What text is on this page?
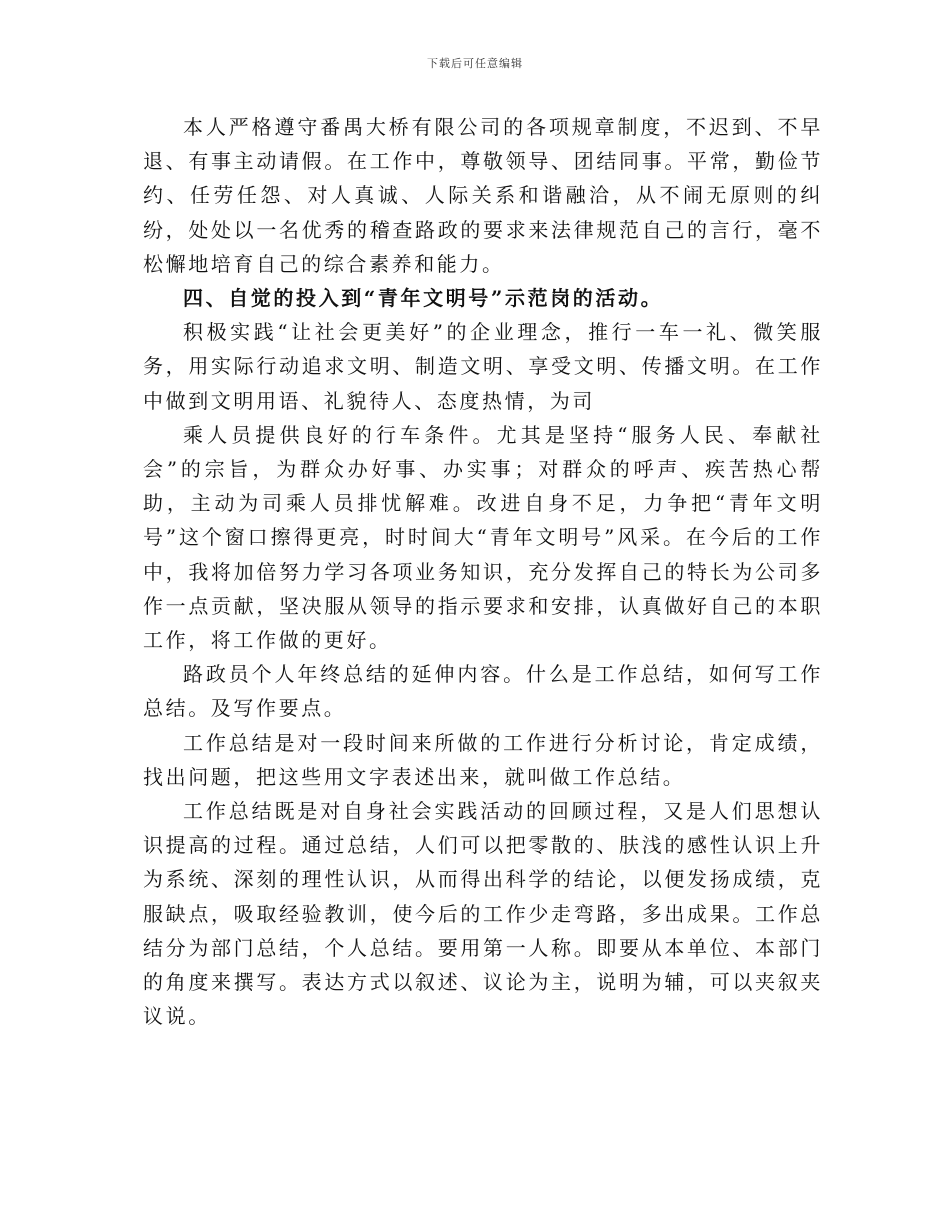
下载后可任意编辑

本人严格遵守番禺大桥有限公司的各项规章制度，不迟到、不早退、有事主动请假。在工作中，尊敬领导、团结同事。平常，勤俭节约、任劳任怨、对人真诚、人际关系和谐融洽，从不闹无原则的纠纷，处处以一名优秀的稽查路政的要求来法律规范自己的言行，毫不松懈地培育自己的综合素养和能力。

四、自觉的投入到“青年文明号”示范岗的活动。

积极实践“让社会更美好”的企业理念，推行一车一礼、微笑服务，用实际行动追求文明、制造文明、享受文明、传播文明。在工作中做到文明用语、礼貌待人、态度热情，为司

乘人员提供良好的行车条件。尤其是坚持“服务人民、奉献社会”的宗旨，为群众办好事、办实事；对群众的呼声、疾苦热心帮助，主动为司乘人员排忧解难。改进自身不足，力争把“青年文明号”这个窗口擦得更亮，时时间大“青年文明号”风采。在今后的工作中，我将加倍努力学习各项业务知识，充分发挥自己的特长为公司多作一点贡献，坚决服从领导的指示要求和安排，认真做好自己的本职工作，将工作做的更好。

路政员个人年终总结的延伸内容。什么是工作总结，如何写工作总结。及写作要点。

工作总结是对一段时间来所做的工作进行分析讨论，肯定成绩，找出问题，把这些用文字表述出来，就叫做工作总结。

工作总结既是对自身社会实践活动的回顾过程，又是人们思想认识提高的过程。通过总结，人们可以把零散的、肤浅的感性认识上升为系统、深刻的理性认识，从而得出科学的结论，以便发扬成绩，克服缺点，吸取经验教训，使今后的工作少走弯路，多出成果。工作总结分为部门总结，个人总结。要用第一人称。即要从本单位、本部门的角度来撰写。表达方式以叙述、议论为主，说明为辅，可以夹叙夹议说。
